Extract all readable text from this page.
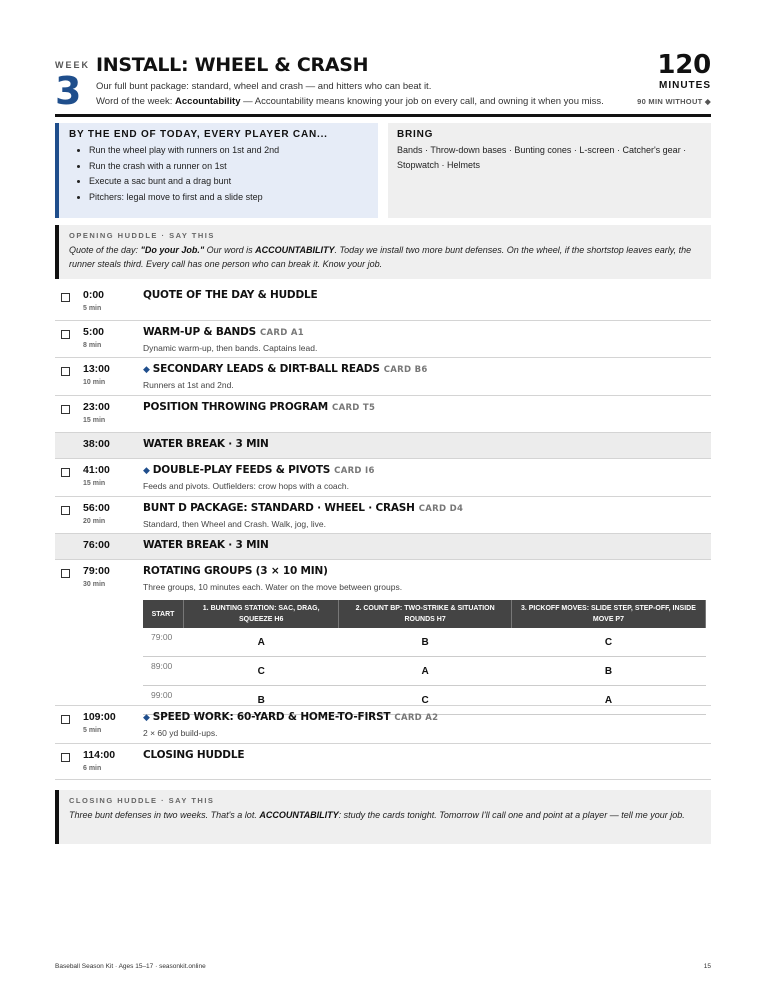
WEEK
3
INSTALL: WHEEL & CRASH
Our full bunt package: standard, wheel and crash — and hitters who can beat it.
Word of the week: Accountability — Accountability means knowing your job on every call, and owning it when you miss.
120
MINUTES
90 MIN WITHOUT ◆
BY THE END OF TODAY, EVERY PLAYER CAN...
• Run the wheel play with runners on 1st and 2nd
• Run the crash with a runner on 1st
• Execute a sac bunt and a drag bunt
• Pitchers: legal move to first and a slide step
BRING
Bands · Throw-down bases · Bunting cones · L-screen · Catcher's gear · Stopwatch · Helmets
OPENING HUDDLE · SAY THIS
Quote of the day: "Do your Job." Our word is ACCOUNTABILITY. Today we install two more bunt defenses. On the wheel, if the shortstop leaves early, the runner steals third. Every call has one person who can break it. Know your job.
0:00
5 min
QUOTE OF THE DAY & HUDDLE
5:00
8 min
WARM-UP & BANDS CARD A1
Dynamic warm-up, then bands. Captains lead.
13:00
10 min
◆ SECONDARY LEADS & DIRT-BALL READS CARD B6
Runners at 1st and 2nd.
23:00
15 min
POSITION THROWING PROGRAM CARD T5
38:00	WATER BREAK · 3 MIN
41:00
15 min
◆ DOUBLE-PLAY FEEDS & PIVOTS CARD I6
Feeds and pivots. Outfielders: crow hops with a coach.
56:00
20 min
BUNT D PACKAGE: STANDARD · WHEEL · CRASH CARD D4
Standard, then Wheel and Crash. Walk, jog, live.
76:00	WATER BREAK · 3 MIN
79:00
30 min
ROTATING GROUPS (3 × 10 MIN)
Three groups, 10 minutes each. Water on the move between groups.
START	1. BUNTING STATION: SAC, DRAG, SQUEEZE H6	2. COUNT BP: TWO-STRIKE & SITUATION ROUNDS H7	3. PICKOFF MOVES: SLIDE STEP, STEP-OFF, INSIDE MOVE P7
79:00	A	B	C
89:00	C	A	B
99:00	B	C	A
109:00
5 min
◆ SPEED WORK: 60-YARD & HOME-TO-FIRST CARD A2
2 × 60 yd build-ups.
114:00
6 min
CLOSING HUDDLE
CLOSING HUDDLE · SAY THIS
Three bunt defenses in two weeks. That's a lot. ACCOUNTABILITY: study the cards tonight. Tomorrow I'll call one and point at a player — tell me your job.
Baseball Season Kit · Ages 15–17 · seasonkit.online	15
